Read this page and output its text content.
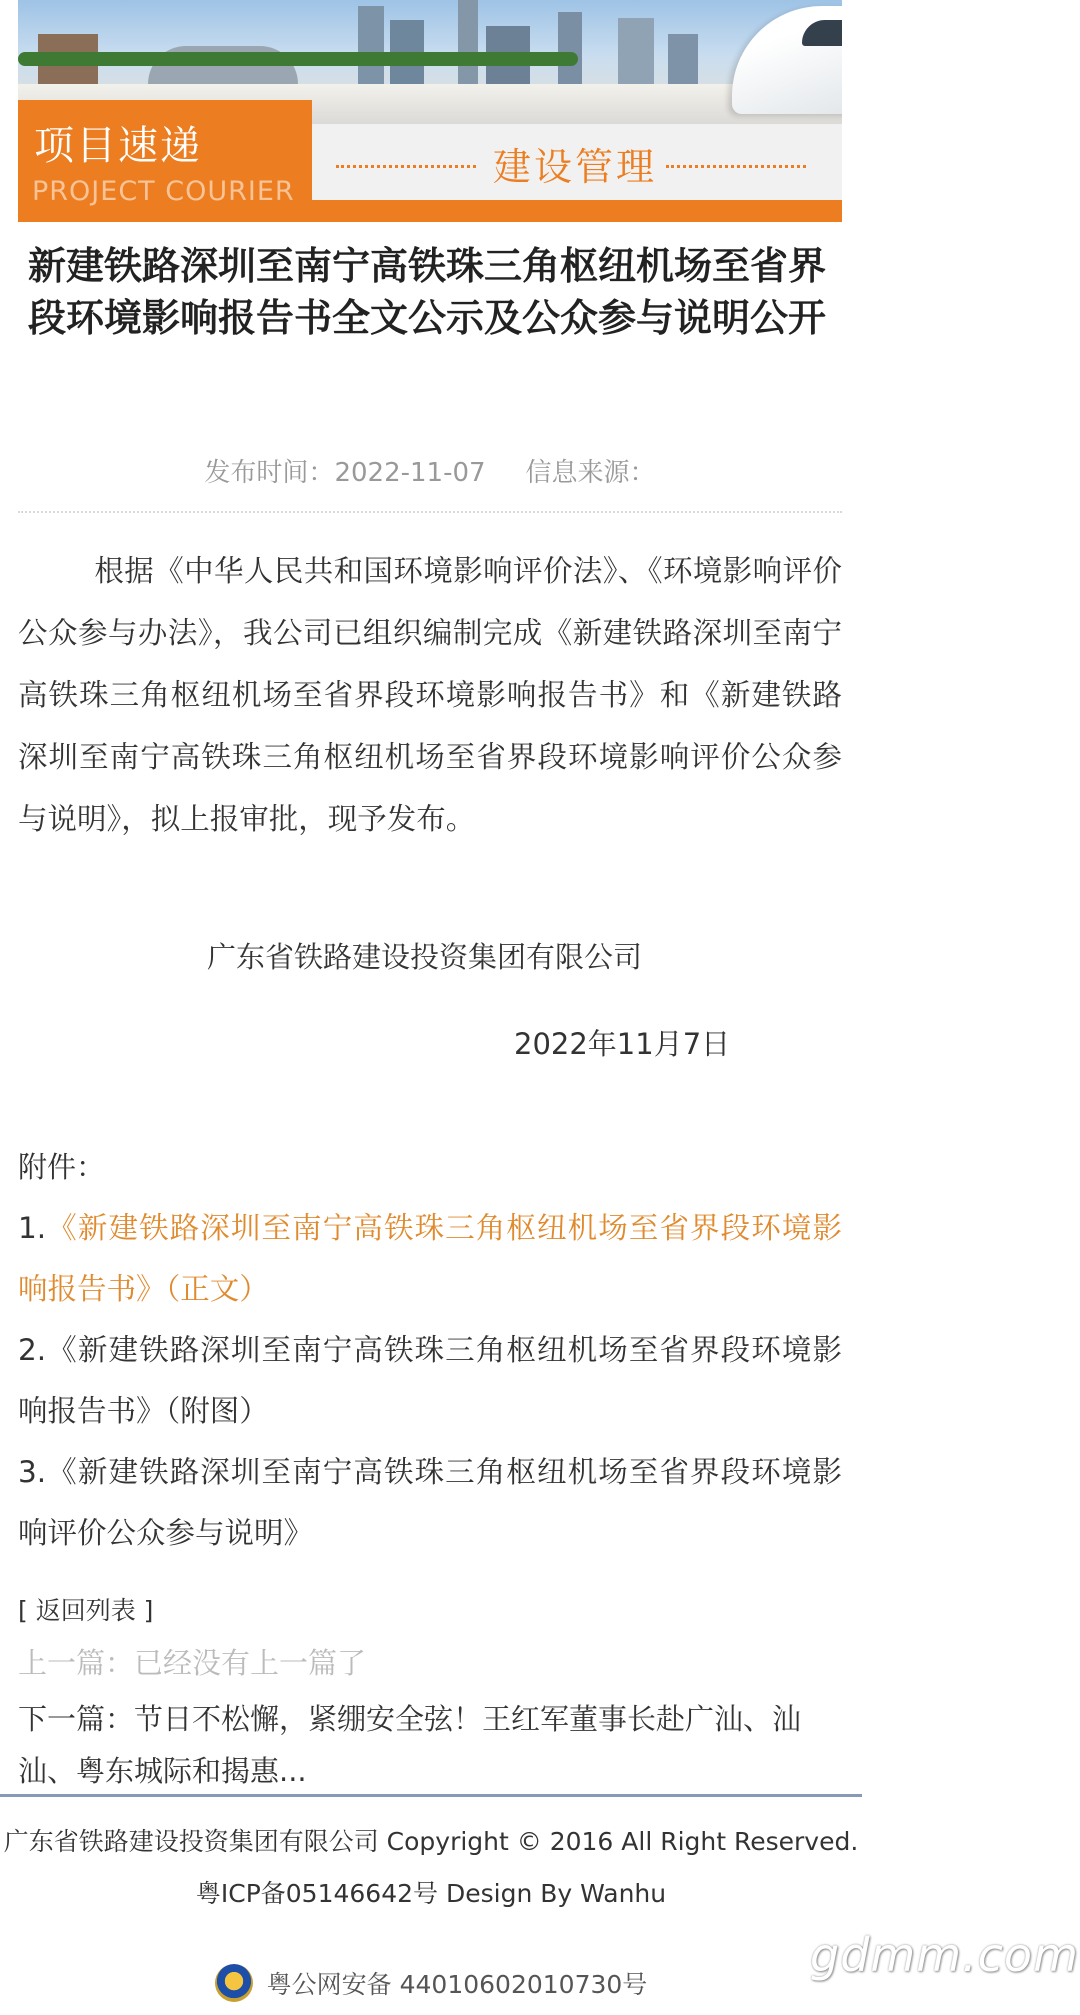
项目速递
PROJECT COURIER
建设管理
新建铁路深圳至南宁高铁珠三角枢纽机场至省界段环境影响报告书全文公示及公众参与说明公开
发布时间：2022-11-07 信息来源：
根据《中华人民共和国环境影响评价法》、《环境影响评价公众参与办法》，我公司已组织编制完成《新建铁路深圳至南宁高铁珠三角枢纽机场至省界段环境影响报告书》和《新建铁路深圳至南宁高铁珠三角枢纽机场至省界段环境影响评价公众参与说明》，拟上报审批，现予发布。
广东省铁路建设投资集团有限公司
2022年11月7日
附件：
1.《新建铁路深圳至南宁高铁珠三角枢纽机场至省界段环境影响报告书》（正文）
2.《新建铁路深圳至南宁高铁珠三角枢纽机场至省界段环境影响报告书》（附图）
3.《新建铁路深圳至南宁高铁珠三角枢纽机场至省界段环境影响评价公众参与说明》
[ 返回列表 ]
上一篇：已经没有上一篇了
下一篇：节日不松懈，紧绷安全弦！王红军董事长赴广汕、汕汕、粤东城际和揭惠...
广东省铁路建设投资集团有限公司 Copyright © 2016 All Right Reserved. 粤ICP备05146642号 Design By Wanhu
粤公网安备 44010602010730号
gdmm.com
